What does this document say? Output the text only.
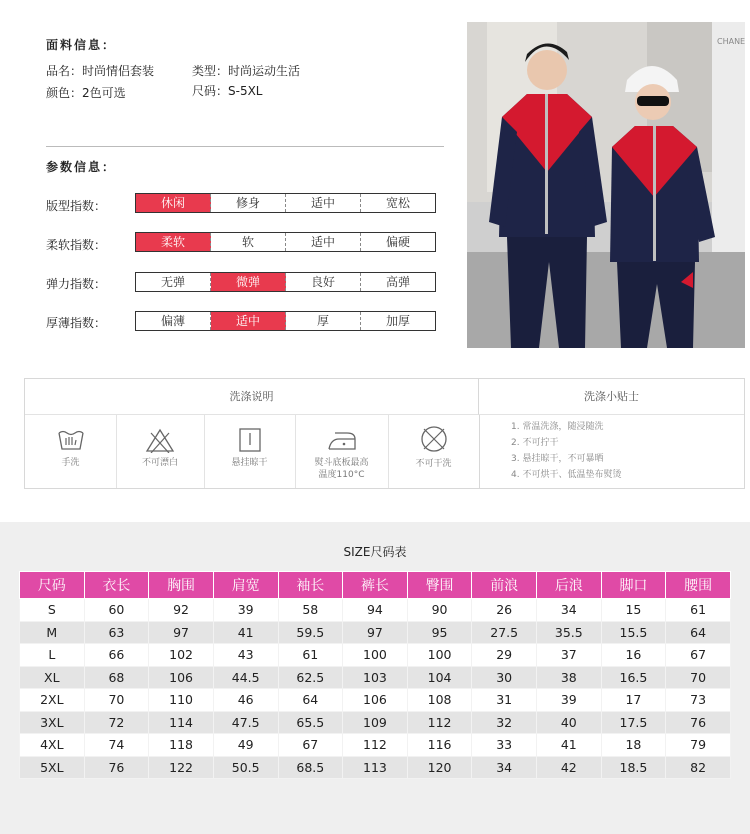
面料信息：
品名：时尚情侣套装	类型：时尚运动生活
颜色：2色可选	尺码：S-5XL
参数信息：
版型指数：	休闲	修身	适中	宽松
柔软指数：	柔软	软	适中	偏硬
弹力指数：	无弹	微弹	良好	高弹
厚薄指数：	偏薄	适中	厚	加厚
CHANE
洗涤说明	洗涤小贴士
手洗	不可漂白	悬挂晾干	熨斗底板最高
温度110°C
不可干洗
1. 常温洗涤，随浸随洗
2. 不可拧干
3. 悬挂晾干，不可暴晒
4. 不可烘干、低温垫布熨烫
SIZE尺码表
尺码	衣长	胸围	肩宽	袖长	裤长	臀围	前浪	后浪	脚口	腰围
S	60	92	39	58	94	90	26	34	15	61
M	63	97	41	59.5	97	95	27.5	35.5	15.5	64
L	66	102	43	61	100	100	29	37	16	67
XL	68	106	44.5	62.5	103	104	30	38	16.5	70
2XL	70	110	46	64	106	108	31	39	17	73
3XL	72	114	47.5	65.5	109	112	32	40	17.5	76
4XL	74	118	49	67	112	116	33	41	18	79
5XL	76	122	50.5	68.5	113	120	34	42	18.5	82
